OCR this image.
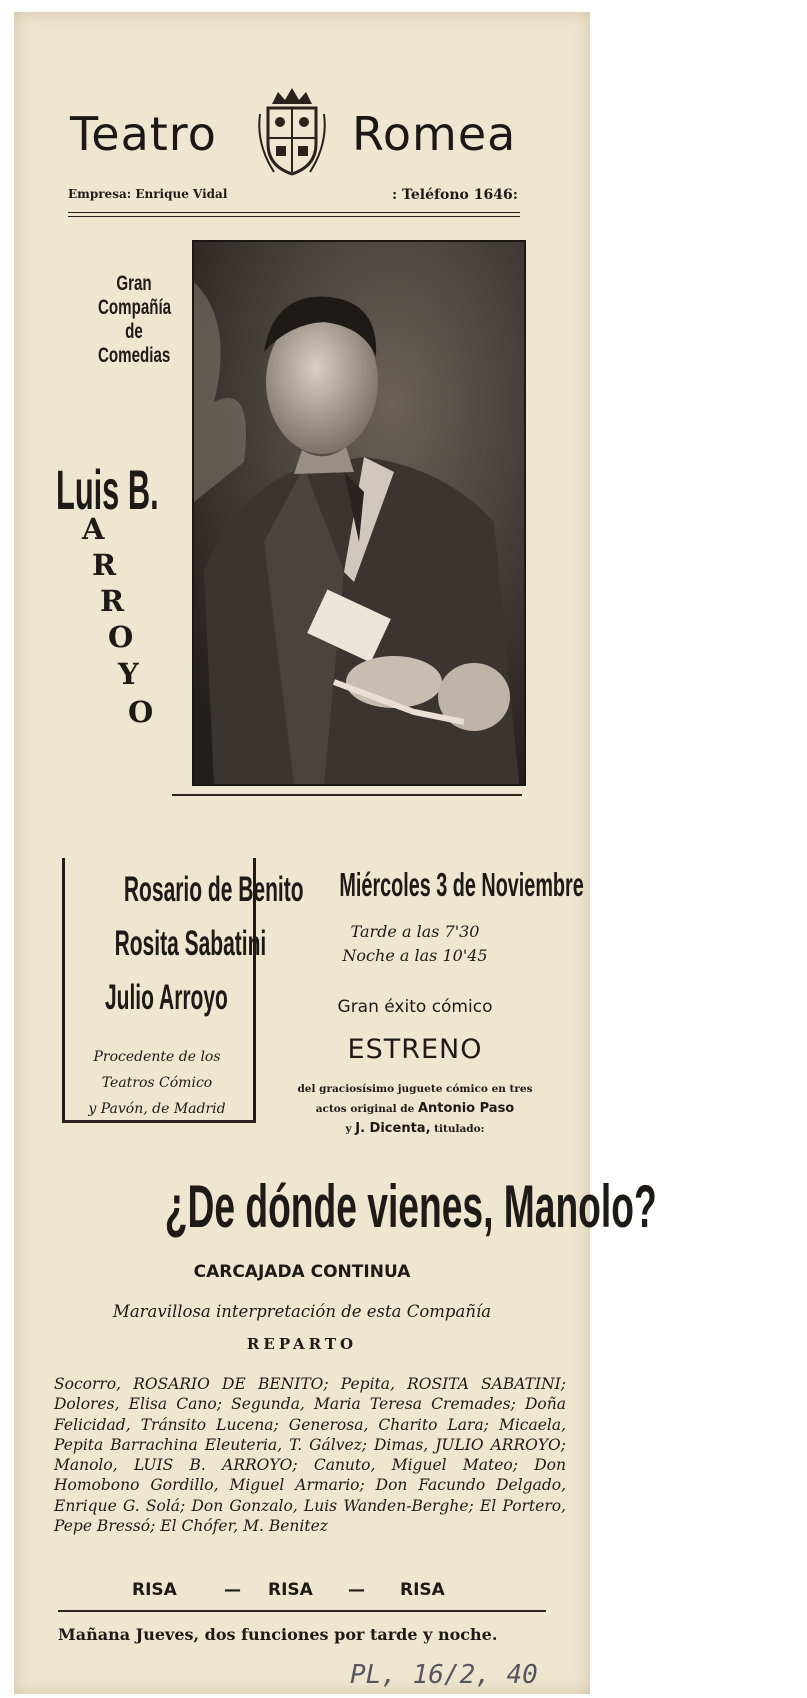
Teatro	Romea
Empresa: Enrique Vidal	: Teléfono 1646:
Gran
Compañía
de
Comedias
Luis B.
A
R
R
O
Y
O
Rosario de Benito
Rosita Sabatini
Julio Arroyo
Procedente de los
Teatros Cómico
y Pavón, de Madrid
Miércoles 3 de Noviembre
Tarde a las 7'30
Noche a las 10'45
Gran éxito cómico
ESTRENO
del graciosísimo juguete cómico en tres
actos original de Antonio Paso
y J. Dicenta, titulado:
¿De dónde vienes, Manolo?
CARCAJADA CONTINUA
Maravillosa interpretación de esta Compañía
REPARTO
Socorro, ROSARIO DE BENITO; Pepita, ROSITA SABATINI; Dolores, Elisa Cano; Segunda, Maria Teresa Cremades; Doña Felicidad, Tránsito Lucena; Generosa, Charito Lara; Micaela, Pepita Barrachina Eleuteria, T. Gálvez; Dimas, JULIO ARROYO; Manolo, LUIS B. ARROYO; Canuto, Miguel Mateo; Don Homobono Gordillo, Miguel Armario; Don Facundo Delgado, Enrique G. Solá; Don Gonzalo, Luis Wanden-Berghe; El Portero, Pepe Bressó; El Chófer, M. Benitez
RISA	— RISA — RISA
Mañana Jueves, dos funciones por tarde y noche.
PL, 16/2, 40
